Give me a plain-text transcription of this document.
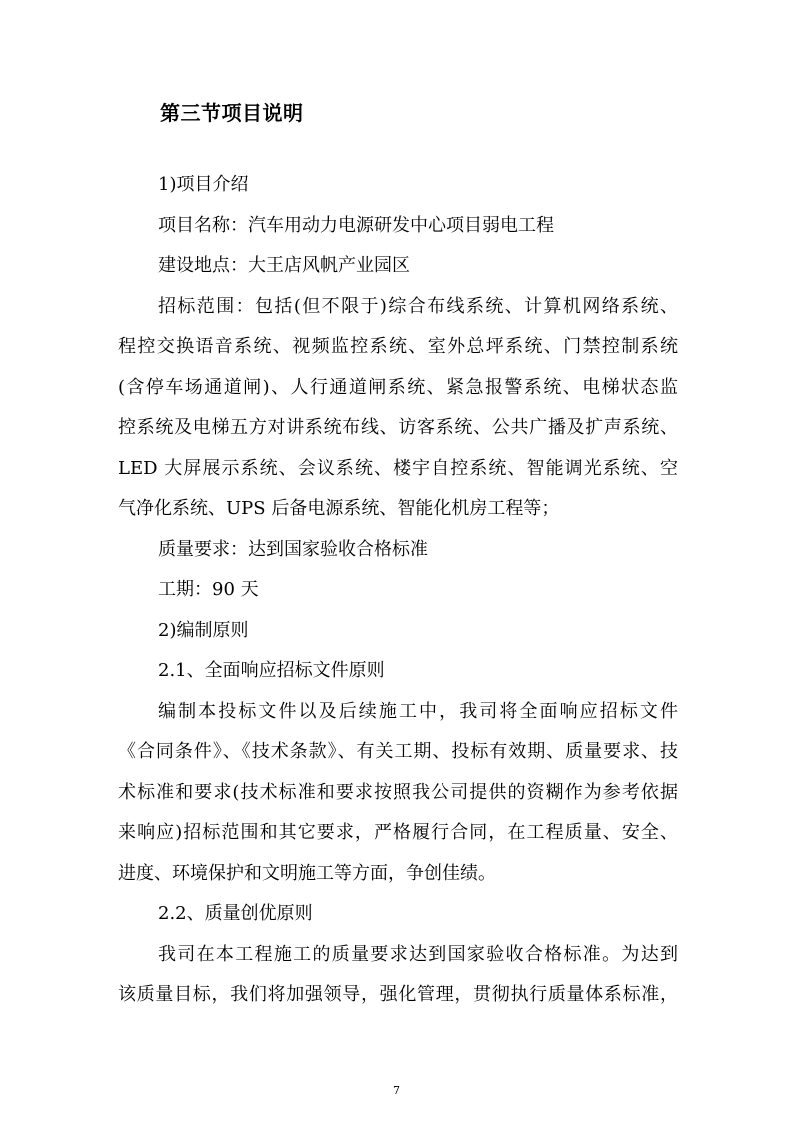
第三节项目说明
1)项目介绍
项目名称：汽车用动力电源研发中心项目弱电工程
建设地点：大王店风帆产业园区
招标范围：包括(但不限于)综合布线系统、计算机网络系统、
程控交换语音系统、视频监控系统、室外总坪系统、门禁控制系统
(含停车场通道闸)、人行通道闸系统、紧急报警系统、电梯状态监
控系统及电梯五方对讲系统布线、访客系统、公共广播及扩声系统、
LED 大屏展示系统、会议系统、楼宇自控系统、智能调光系统、空
气净化系统、UPS 后备电源系统、智能化机房工程等；
质量要求：达到国家验收合格标准
工期：90 天
2)编制原则
2.1、全面响应招标文件原则
编制本投标文件以及后续施工中，我司将全面响应招标文件
《合同条件》、《技术条款》、有关工期、投标有效期、质量要求、技
术标准和要求(技术标准和要求按照我公司提供的资糊作为参考依据
来响应)招标范围和其它要求，严格履行合同，在工程质量、安全、
进度、环境保护和文明施工等方面，争创佳绩。
2.2、质量创优原则
我司在本工程施工的质量要求达到国家验收合格标准。为达到
该质量目标，我们将加强领导，强化管理，贯彻执行质量体系标准，
7
